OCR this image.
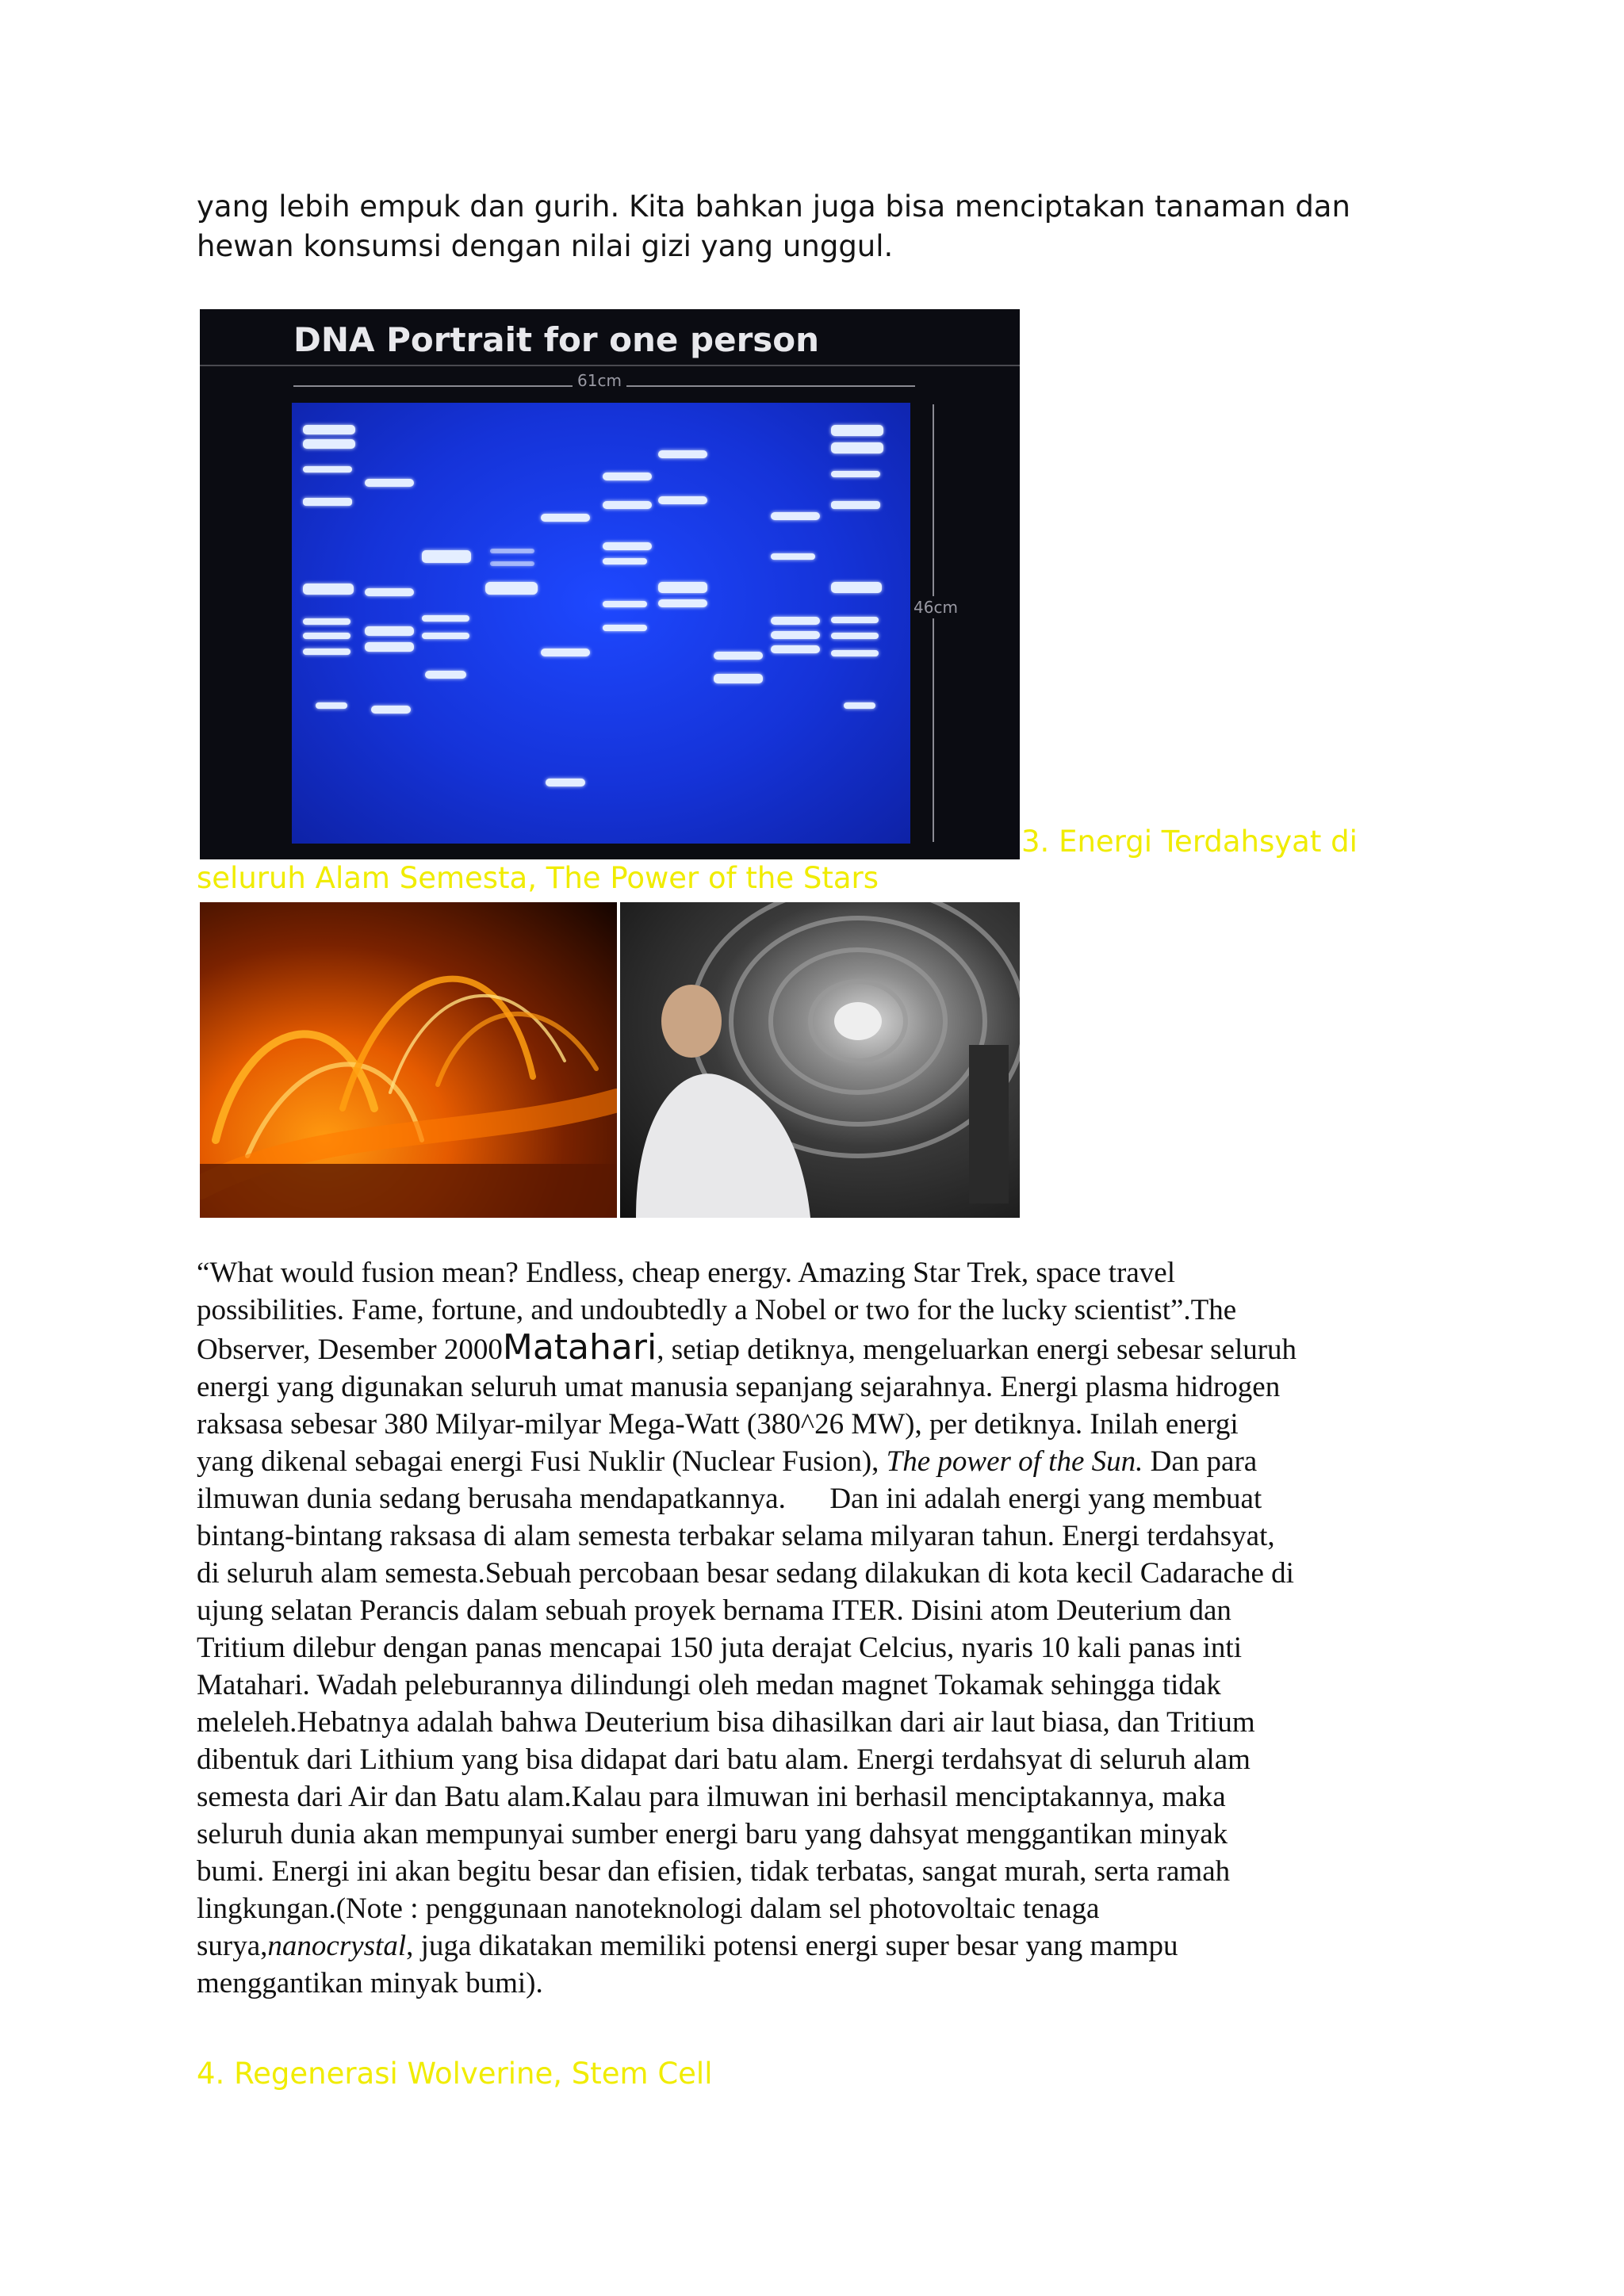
yang lebih empuk dan gurih. Kita bahkan juga bisa menciptakan tanaman dan
hewan konsumsi dengan nilai gizi yang unggul.

DNA Portrait for one person
61cm
46cm

3. Energi Terdahsyat di

seluruh Alam Semesta, The Power of the Stars

“What would fusion mean? Endless, cheap energy. Amazing Star Trek, space travel
possibilities. Fame, fortune, and undoubtedly a Nobel or two for the lucky scientist”.The
Observer, Desember 2000Matahari, setiap detiknya, mengeluarkan energi sebesar seluruh
energi yang digunakan seluruh umat manusia sepanjang sejarahnya. Energi plasma hidrogen
raksasa sebesar 380 Milyar-milyar Mega-Watt (380^26 MW), per detiknya. Inilah energi
yang dikenal sebagai energi Fusi Nuklir (Nuclear Fusion), The power of the Sun. Dan para
ilmuwan dunia sedang berusaha mendapatkannya.      Dan ini adalah energi yang membuat
bintang-bintang raksasa di alam semesta terbakar selama milyaran tahun. Energi terdahsyat,
di seluruh alam semesta.Sebuah percobaan besar sedang dilakukan di kota kecil Cadarache di
ujung selatan Perancis dalam sebuah proyek bernama ITER. Disini atom Deuterium dan
Tritium dilebur dengan panas mencapai 150 juta derajat Celcius, nyaris 10 kali panas inti
Matahari. Wadah peleburannya dilindungi oleh medan magnet Tokamak sehingga tidak
meleleh.Hebatnya adalah bahwa Deuterium bisa dihasilkan dari air laut biasa, dan Tritium
dibentuk dari Lithium yang bisa didapat dari batu alam. Energi terdahsyat di seluruh alam
semesta dari Air dan Batu alam.Kalau para ilmuwan ini berhasil menciptakannya, maka
seluruh dunia akan mempunyai sumber energi baru yang dahsyat menggantikan minyak
bumi. Energi ini akan begitu besar dan efisien, tidak terbatas, sangat murah, serta ramah
lingkungan.(Note : penggunaan nanoteknologi dalam sel photovoltaic tenaga
surya,nanocrystal, juga dikatakan memiliki potensi energi super besar yang mampu
menggantikan minyak bumi).

4. Regenerasi Wolverine, Stem Cell
